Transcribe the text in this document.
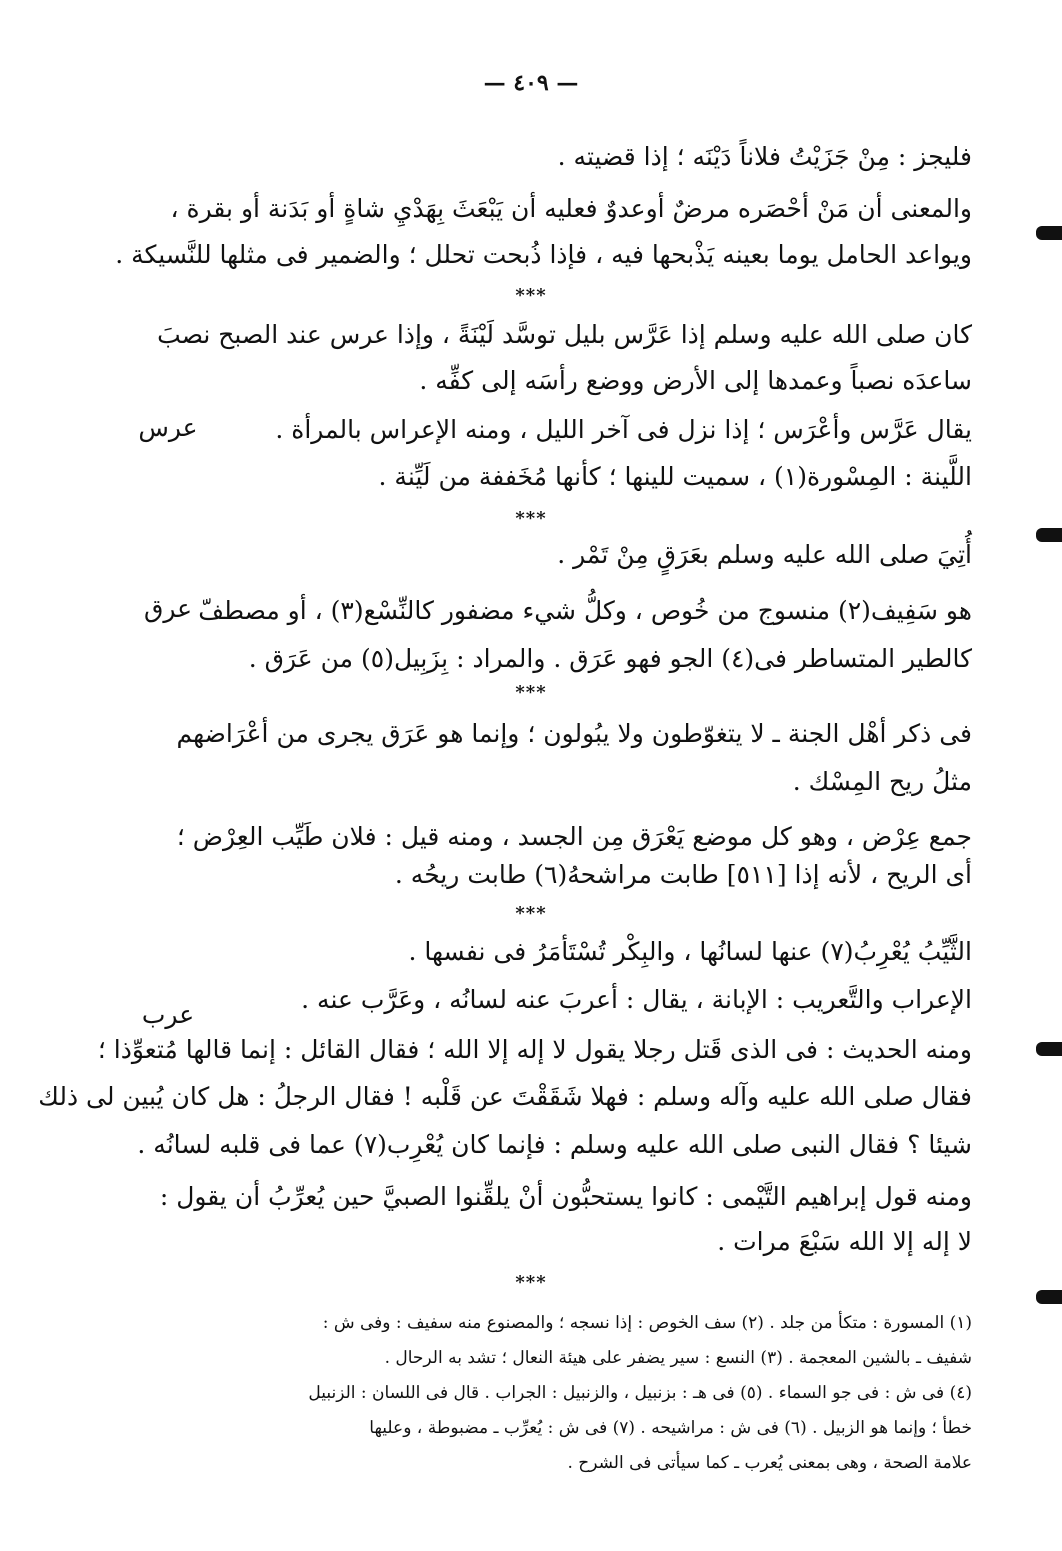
— ٤٠٩ —
فليجز : مِنْ جَزَيْتُ فلاناً دَيْنَه ؛ إذا قضيته .
والمعنى أن مَنْ أحْصَره مرضٌ أوعدوٌ فعليه أن يَبْعَثَ بِهَدْيِ شاةٍ أو بَدَنة أو بقرة ،
ويواعد الحامل يوما بعينه يَذْبحها فيه ، فإذا ذُبحت تحلل ؛ والضمير فى مثلها للنَّسيكة .
***
كان صلى الله عليه وسلم إذا عَرَّس بليل توسَّد لَيْنَةً ، وإذا عرس عند الصبح نصبَ
ساعدَه نصباً وعمدها إلى الأرض ووضع رأسَه إلى كفِّه .
يقال عَرَّس وأعْرَس ؛ إذا نزل فى آخر الليل ، ومنه الإعراس بالمرأة .
عرس
اللَّينة : المِسْورة(١) ، سميت للينها ؛ كأنها مُخَففة من لَيِّنة .
***
أُتِيَ صلى الله عليه وسلم بعَرَقٍ مِنْ تَمْر .
هو سَفِيف(٢) منسوج من خُوص ، وكلُّ شيء مضفور كالنِّسْع(٣) ، أو مصطفّ
عرق
كالطير المتساطر فى(٤) الجو فهو عَرَق . والمراد : بِزَبِيل(٥) من عَرَق .
***
فى ذكر أهْل الجنة ـ لا يتغوّطون ولا يبُولون ؛ وإنما هو عَرَق يجرى من أعْرَاضهم
مثلُ ريح المِسْك .
جمع عِرْض ، وهو كل موضع يَعْرَق مِن الجسد ، ومنه قيل : فلان طَيِّب العِرْض ؛
أى الريح ، لأنه إذا [٥١١] طابت مراشحهُ(٦) طابت ريحُه .
***
الثَّيِّبُ يُعْرِبُ(٧) عنها لسانُها ، والبِكْر تُسْتَأمَرُ فى نفسها .
الإعراب والتَّعريب : الإبانة ، يقال : أعربَ عنه لسانُه ، وعَرَّب عنه .
عرب
ومنه الحديث : فى الذى قَتل رجلا يقول لا إله إلا الله ؛ فقال القائل : إنما قالها مُتعوِّذا ؛
فقال صلى الله عليه وآله وسلم : فهلا شَقَقْتَ عن قَلْبه ! فقال الرجلُ : هل كان يُبين لى ذلك
شيئا ؟ فقال النبى صلى الله عليه وسلم : فإنما كان يُعْرِب(٧) عما فى قلبه لسانُه .
ومنه قول إبراهيم التَّيْمى : كانوا يستحبُّون أنْ يلقِّنوا الصبيَّ حين يُعرِّبُ أن يقول :
لا إله إلا الله سَبْعَ مرات .
***
(١) المسورة : متكأ من جلد . (٢) سف الخوص : إذا نسجه ؛ والمصنوع منه سفيف : وفى ش :
شفيف ـ بالشين المعجمة . (٣) النسع : سير يضفر على هيئة النعال ؛ تشد به الرحال .
(٤) فى ش : فى جو السماء . (٥) فى هـ : بزنبيل ، والزنبيل : الجراب . قال فى اللسان : الزنبيل
خطأ ؛ وإنما هو الزبيل . (٦) فى ش : مراشيحه . (٧) فى ش : يُعرِّب ـ مضبوطة ، وعليها
علامة الصحة ، وهى بمعنى يُعرب ـ كما سيأتى فى الشرح .
